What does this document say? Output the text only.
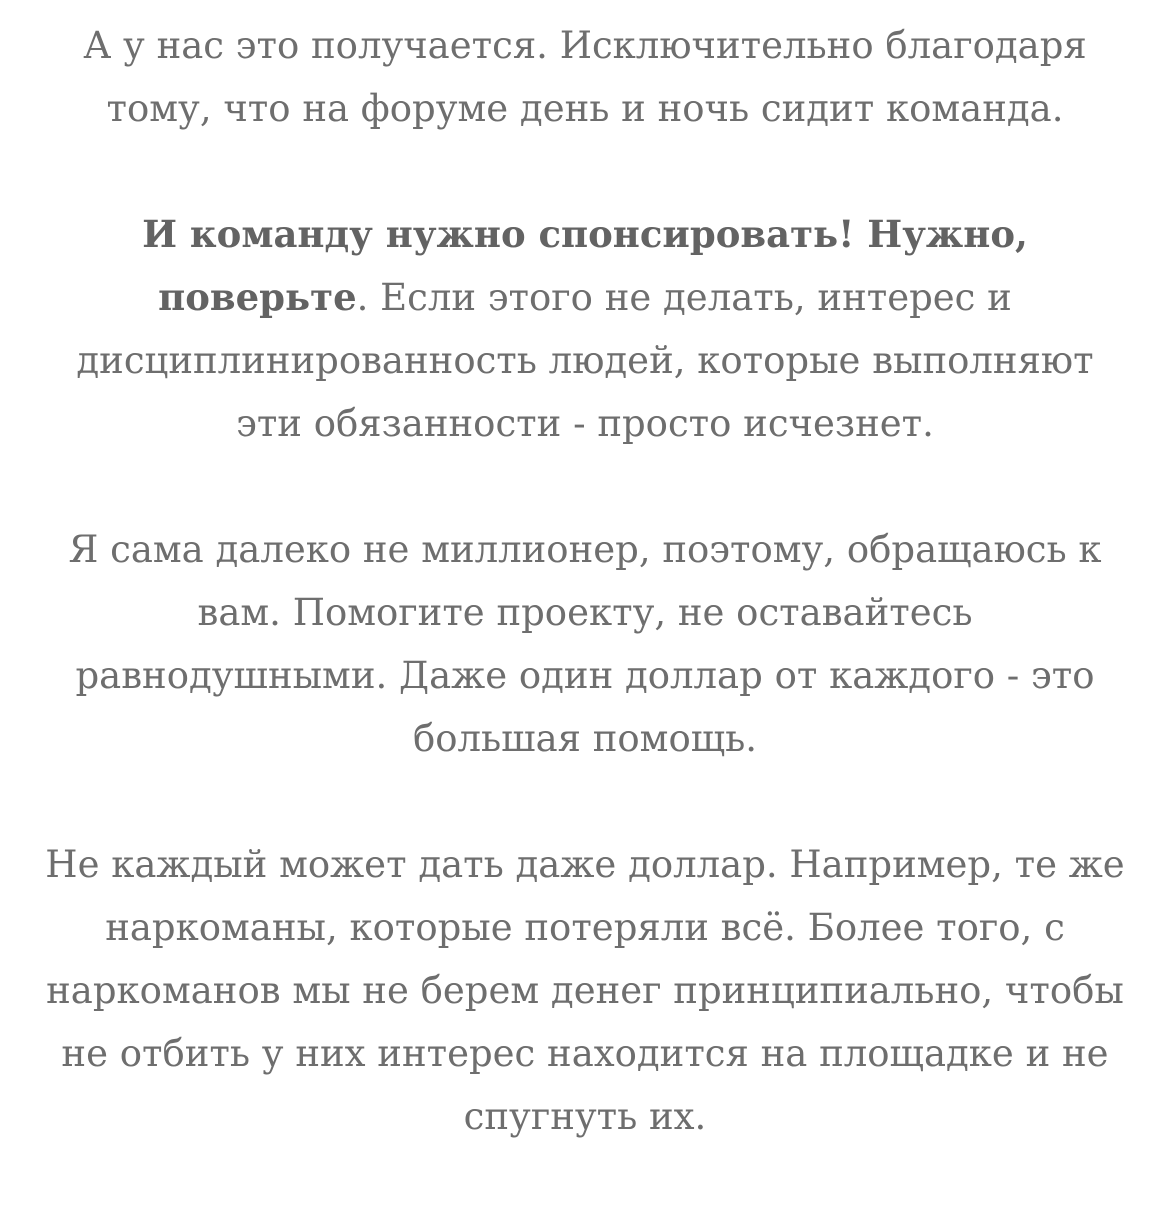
А у нас это получается. Исключительно благодаря тому, что на форуме день и ночь сидит команда.

И команду нужно спонсировать! Нужно, поверьте. Если этого не делать, интерес и дисциплинированность людей, которые выполняют эти обязанности - просто исчезнет.

Я сама далеко не миллионер, поэтому, обращаюсь к вам. Помогите проекту, не оставайтесь равнодушными. Даже один доллар от каждого - это большая помощь.

Не каждый может дать даже доллар. Например, те же наркоманы, которые потеряли всё. Более того, с наркоманов мы не берем денег принципиально, чтобы не отбить у них интерес находится на площадке и не спугнуть их.
